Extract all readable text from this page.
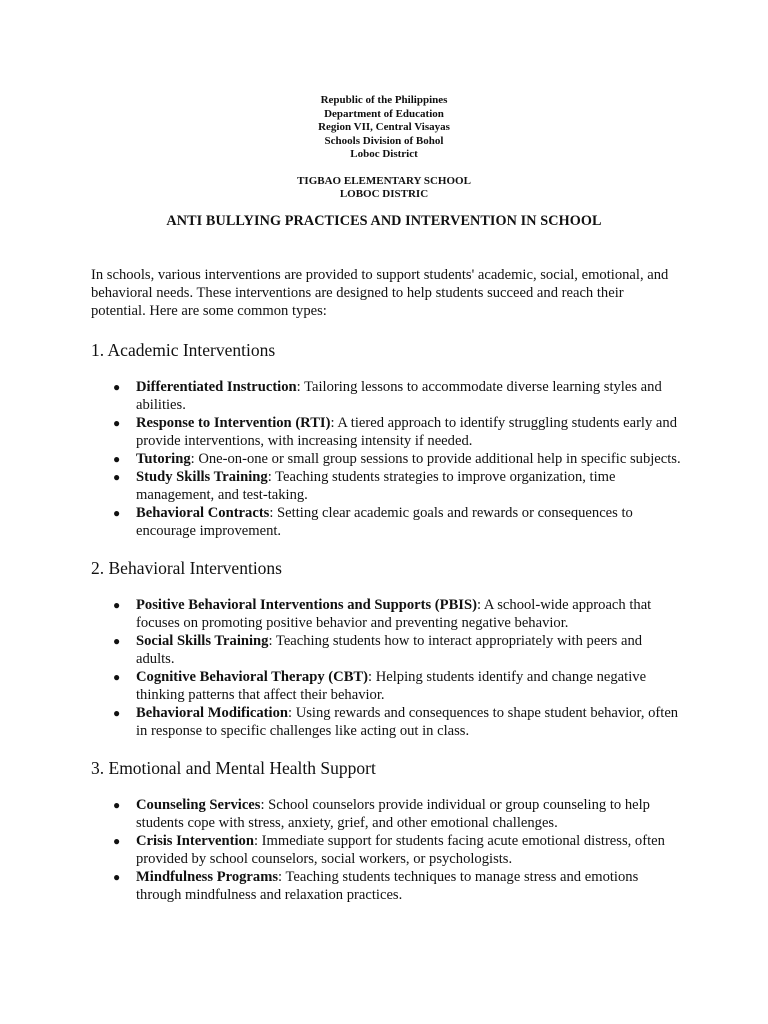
Republic of the Philippines
Department of Education
Region VII, Central Visayas
Schools Division of Bohol
Loboc District
TIGBAO ELEMENTARY SCHOOL
LOBOC DISTRIC
ANTI BULLYING PRACTICES AND INTERVENTION IN SCHOOL

In schools, various interventions are provided to support students' academic, social, emotional, and behavioral needs. These interventions are designed to help students succeed and reach their potential. Here are some common types:

1. Academic Interventions
● Differentiated Instruction: Tailoring lessons to accommodate diverse learning styles and abilities.
● Response to Intervention (RTI): A tiered approach to identify struggling students early and provide interventions, with increasing intensity if needed.
● Tutoring: One-on-one or small group sessions to provide additional help in specific subjects.
● Study Skills Training: Teaching students strategies to improve organization, time management, and test-taking.
● Behavioral Contracts: Setting clear academic goals and rewards or consequences to encourage improvement.
2. Behavioral Interventions
● Positive Behavioral Interventions and Supports (PBIS): A school-wide approach that focuses on promoting positive behavior and preventing negative behavior.
● Social Skills Training: Teaching students how to interact appropriately with peers and adults.
● Cognitive Behavioral Therapy (CBT): Helping students identify and change negative thinking patterns that affect their behavior.
● Behavioral Modification: Using rewards and consequences to shape student behavior, often in response to specific challenges like acting out in class.
3. Emotional and Mental Health Support
● Counseling Services: School counselors provide individual or group counseling to help students cope with stress, anxiety, grief, and other emotional challenges.
● Crisis Intervention: Immediate support for students facing acute emotional distress, often provided by school counselors, social workers, or psychologists.
● Mindfulness Programs: Teaching students techniques to manage stress and emotions through mindfulness and relaxation practices.
